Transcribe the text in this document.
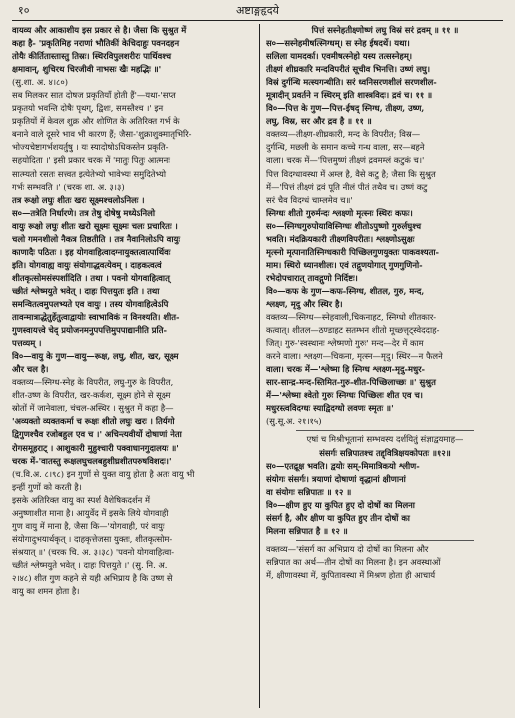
१०	अष्टाङ्गहृदये
वायव्य और आकाशीय इस प्रकार से है। जैसा कि सुश्रुत में
कहा है- 'प्रकृतिमिह नराणां भौतिकीं केचिदाहुः पवनदहन
तोयैः कीर्तितास्तास्तु तिस्रः। स्थिरविपुलशरीरः पार्थिवश्च
क्षमावान्, शुचिरथ चिरजीवी नाभसः खैः महद्भिः ॥'
(सु.शा. अ. ४।८०)
सब मिलकर सात दोषज प्रकृतियाँ होती हैं'—यथा-'सप्त
प्रकृतयो भवन्ति दोषैः पृथग्, द्विशः, समस्तैश्च ।' इन
प्रकृतियों में केवल शुक्र और शोणित के अतिरिक्त गर्भ के
बनाने वाले दूसरे भाव भी कारण हैं; जैसा-'शुक्राशुक्मातृभिरि-
भोज्यचेष्टागर्भशयर्तुषु । यः स्यादोषोऽधिकस्तेन प्रकृति-
सहयोदिता ।' इसी प्रकार चरक में 'मातुः पितुः आत्मनः
सात्म्यतो रसतः सत्त्वत इत्येतेभ्यो भावेभ्यः समुदितेभ्यो
गर्भः सम्भवति ।' (चरक शा. अ. ३।३)
तत्र रूक्षो लघुः शीतः खरः सूक्ष्मश्चलोऽनिलः ।
स०—तत्रेति निर्धारणे। तत्र तेषु दोषेषु मध्येऽनिलो
वायुः रूक्षो लघुः शीतः खरो सूक्ष्मः सूक्ष्मः चलः प्रचारितः ।
चलो गमनशीलो नैकत्र तिष्ठतीति । तत्र नैवानिलोऽपि वायुः
काणादैः पठितः । इह योगवाहित्वादग्नायुक्तत्वात्पार्थिवः
इति। योगवाह्य वायुः संयोगाद्धवत्येवम् । दाहकत्वत्वं
शीतकृत्सोमसंस्पर्शादिति । तथा । पवनो योगवाहित्वात्
च्छीतं श्लेष्मयुते भवेत् । दाहः पित्तयुतः इति । तथा
समन्वितत्वमुपलभ्यते एव वायुः । तस्य योगवाहित्वेऽपि
तावन्मात्राद्धेतुर्हेतुत्वाद्वायोः स्वाभाविकं न विनश्यति। शीत-
गुणस्वायत्त्वे चेद् प्रयोजनमनुपपत्तिमुपपाद्यानीति प्रति-
पत्तव्यम् ।
वि०—वायु के गुण—वायु—रूक्ष, लघु, शीत, खर, सूक्ष्म
और चल है।
वक्तव्य—स्निग्ध-स्नेह के विपरीत, लघु-गुरु के विपरीत,
शीत-उष्ण के विपरीत, खर-कर्कश, सूक्ष्म होने से सूक्ष्म
स्रोतों में जानेवाला, चंचल-अस्थिर । सुश्रुत में कहा है—
'अव्यक्तो व्यक्तकर्मा च रूक्षः शीतो लघुः खरः । तिर्यगो
द्विगुणश्चैव रजोबहुल एव च ।' अचिन्त्यवीर्यो दोषाणां नेता
रोगसमूहराट् । आशुकारी मुहुश्चारी पक्वाधानगुदालयः ॥'
चरक में-'वातस्तु रूक्षलघुचलबहुशीघ्रशीतपरुषविशदः।'
(च.वि.अ. ८।९८) इन गुणों से युक्त वायु होता है अतः वायु भी
इन्हीं गुणों को करती है।
इसके अतिरिक्त वायु का स्पर्श वैशेषिकदर्शन में
अनुष्णाशीत माना है। आयुर्वेद में इसके लिये योगवाही
गुण वायु में माना है, जैसा कि—'योगवाही, परं वायुः
संयोगादुभयार्थकृत् । दाहकृत्तेजसा युक्तः, शीतकृत्सोम-
संश्रयात् ॥' (चरक चि. अ. ३।३८) 'पवनो योगवाहित्वा-
च्छीतं श्लेष्मयुते भवेत् । दाहः पित्तयुते ।' (सु. नि. अ.
२।४८) शीत गुण कहने से यही अभिप्राय है कि उष्ण से
वायु का शमन होता है।
पित्तं सस्नेहतीक्ष्णोष्णं लघु विस्रं सरं द्रवम् ॥ ११ ॥
स०—सस्नेहमीषत्स्निग्धम्। स स्नेह ईषदर्थे। यथा।
सलिला यामदर्का। एवमीषत्स्नेहो यस्य तत्सस्नेहम्।
तीक्ष्णं शीघ्रकारि मन्दविपरीतं सूचीव भिनत्ति। उष्णं लघु।
विस्रं दुर्गन्धि मत्स्यगन्धीति। सरं ध्वनिसरणशीलं सरणशील-
मूत्रादीन् प्रवर्तने न स्थिरम् इति शास्त्रविदः। द्रवं च। ११ ॥
वि०—पित्त के गुण—पित्त-ईषद् स्निग्ध, तीक्ष्ण, उष्ण,
लघु, विस्र, सर और द्रव है ॥ ११ ॥
वक्तव्य—तीक्ष्ण-शीघ्रकारी, मन्द के विपरीत; विस्र—
दुर्गन्धि, मछली के समान कच्चे गन्ध वाला, सर—बहने
वाला। चरक में—'पित्तमुष्णं तीक्ष्णं द्रवमम्लं कटुकं च।'
पित्त विदग्धावस्था में अम्ल है, वैसे कटु है; जैसा कि सुश्रुत
में—'पित्तं तीक्ष्णं द्रवं पूति नीलं पीतं तथैव च। उष्णं कटु
सरं चैव विदग्धं चाम्लमेव च॥'
स्निग्धः शीतो गुरुर्मन्दः श्लक्ष्णो मृत्स्नः स्थिरः कफः।
स०—स्निग्धगुरुपोयाविस्निग्धः शीतोऽपुष्णो गुरुर्लघुश्च
भवति। मंदक्रियकारी तीक्ष्णविपरीतः। श्लक्ष्णोऽसुक्षः
मृत्स्नो मृत्पानातिस्निग्धकारी पिच्छिलगुणयुक्तः पाकवश्यता-
माम। स्थिरो ध्यानशीलः। एवं तद्गुणयोगात् गुणगुणिनो-
रभेदोपचारात् तावद्गुणो निर्दिष्टः।
वि०—कफ के गुण—कफ-स्निग्ध, शीतल, गुरु, मन्द,
श्लक्ष्ण, मृदु और स्थिर है।
वक्तव्य—स्निग्ध—स्नेहवाली,चिकनाहट, स्निग्धो शीतकार-
कत्वात्। शीतल—ठण्डाहट सतम्भन शीतो मूच्छत्तृट्स्वेददाह-
जित्। गुरु-'स्वस्थानः श्लेष्मणो गुरुः' मन्द—देर में काम
करने वाला। श्लक्ष्ण—चिकना, मृत्स्न—मृदु। स्थिर—न फैलने
वाला। चरक में—'श्लेष्मा हि स्निग्ध श्लक्ष्ण-मृदु-मधुर-
सार-सान्द्र-मन्द-स्तिमित-गुरु-शीत-पिच्छिलाच्छः ॥' सुश्रुत
में—'श्लेष्मा श्वेतो गुरुः स्निग्धः पिच्छिलः शीत एव च।
मधुरस्त्वविदग्धः स्याद्विदग्धो लवणः स्मृतः ॥'
(सु.सू.अ. २१।१५)
एषां च मिश्रीभूतानां सम्भवस्य दर्शयितुं संज्ञाद्वयमाह—
संसर्गः सन्निपातश्च तद्द्वित्रिक्षयकोपतः ॥१२॥
स०—एतद्रूक्ष भवति। द्वयोः सम्-मिमात्रिकयो श्लीण-
संयोगः संसर्गः। त्रयाणां दोषाणां वृद्धानां क्षीणानां
वा संयोगः सन्निपातः ॥ १२ ॥
वि०—क्षीण हुए या कुपित हुए दो दोषों का मिलना
संसर्ग है, और क्षीण या कुपित हुए तीन दोषों का
मिलना सन्निपात है ॥ १२ ॥
वक्तव्य—'संसर्ग का अभिप्राय दो दोषों का मिलना और
सन्निपात का अर्थ—तीन दोषों का मिलना है। इन अवस्थाओं
में, क्षीणावस्था में, कुपितावस्था में मिश्रण होता ही आचार्य
